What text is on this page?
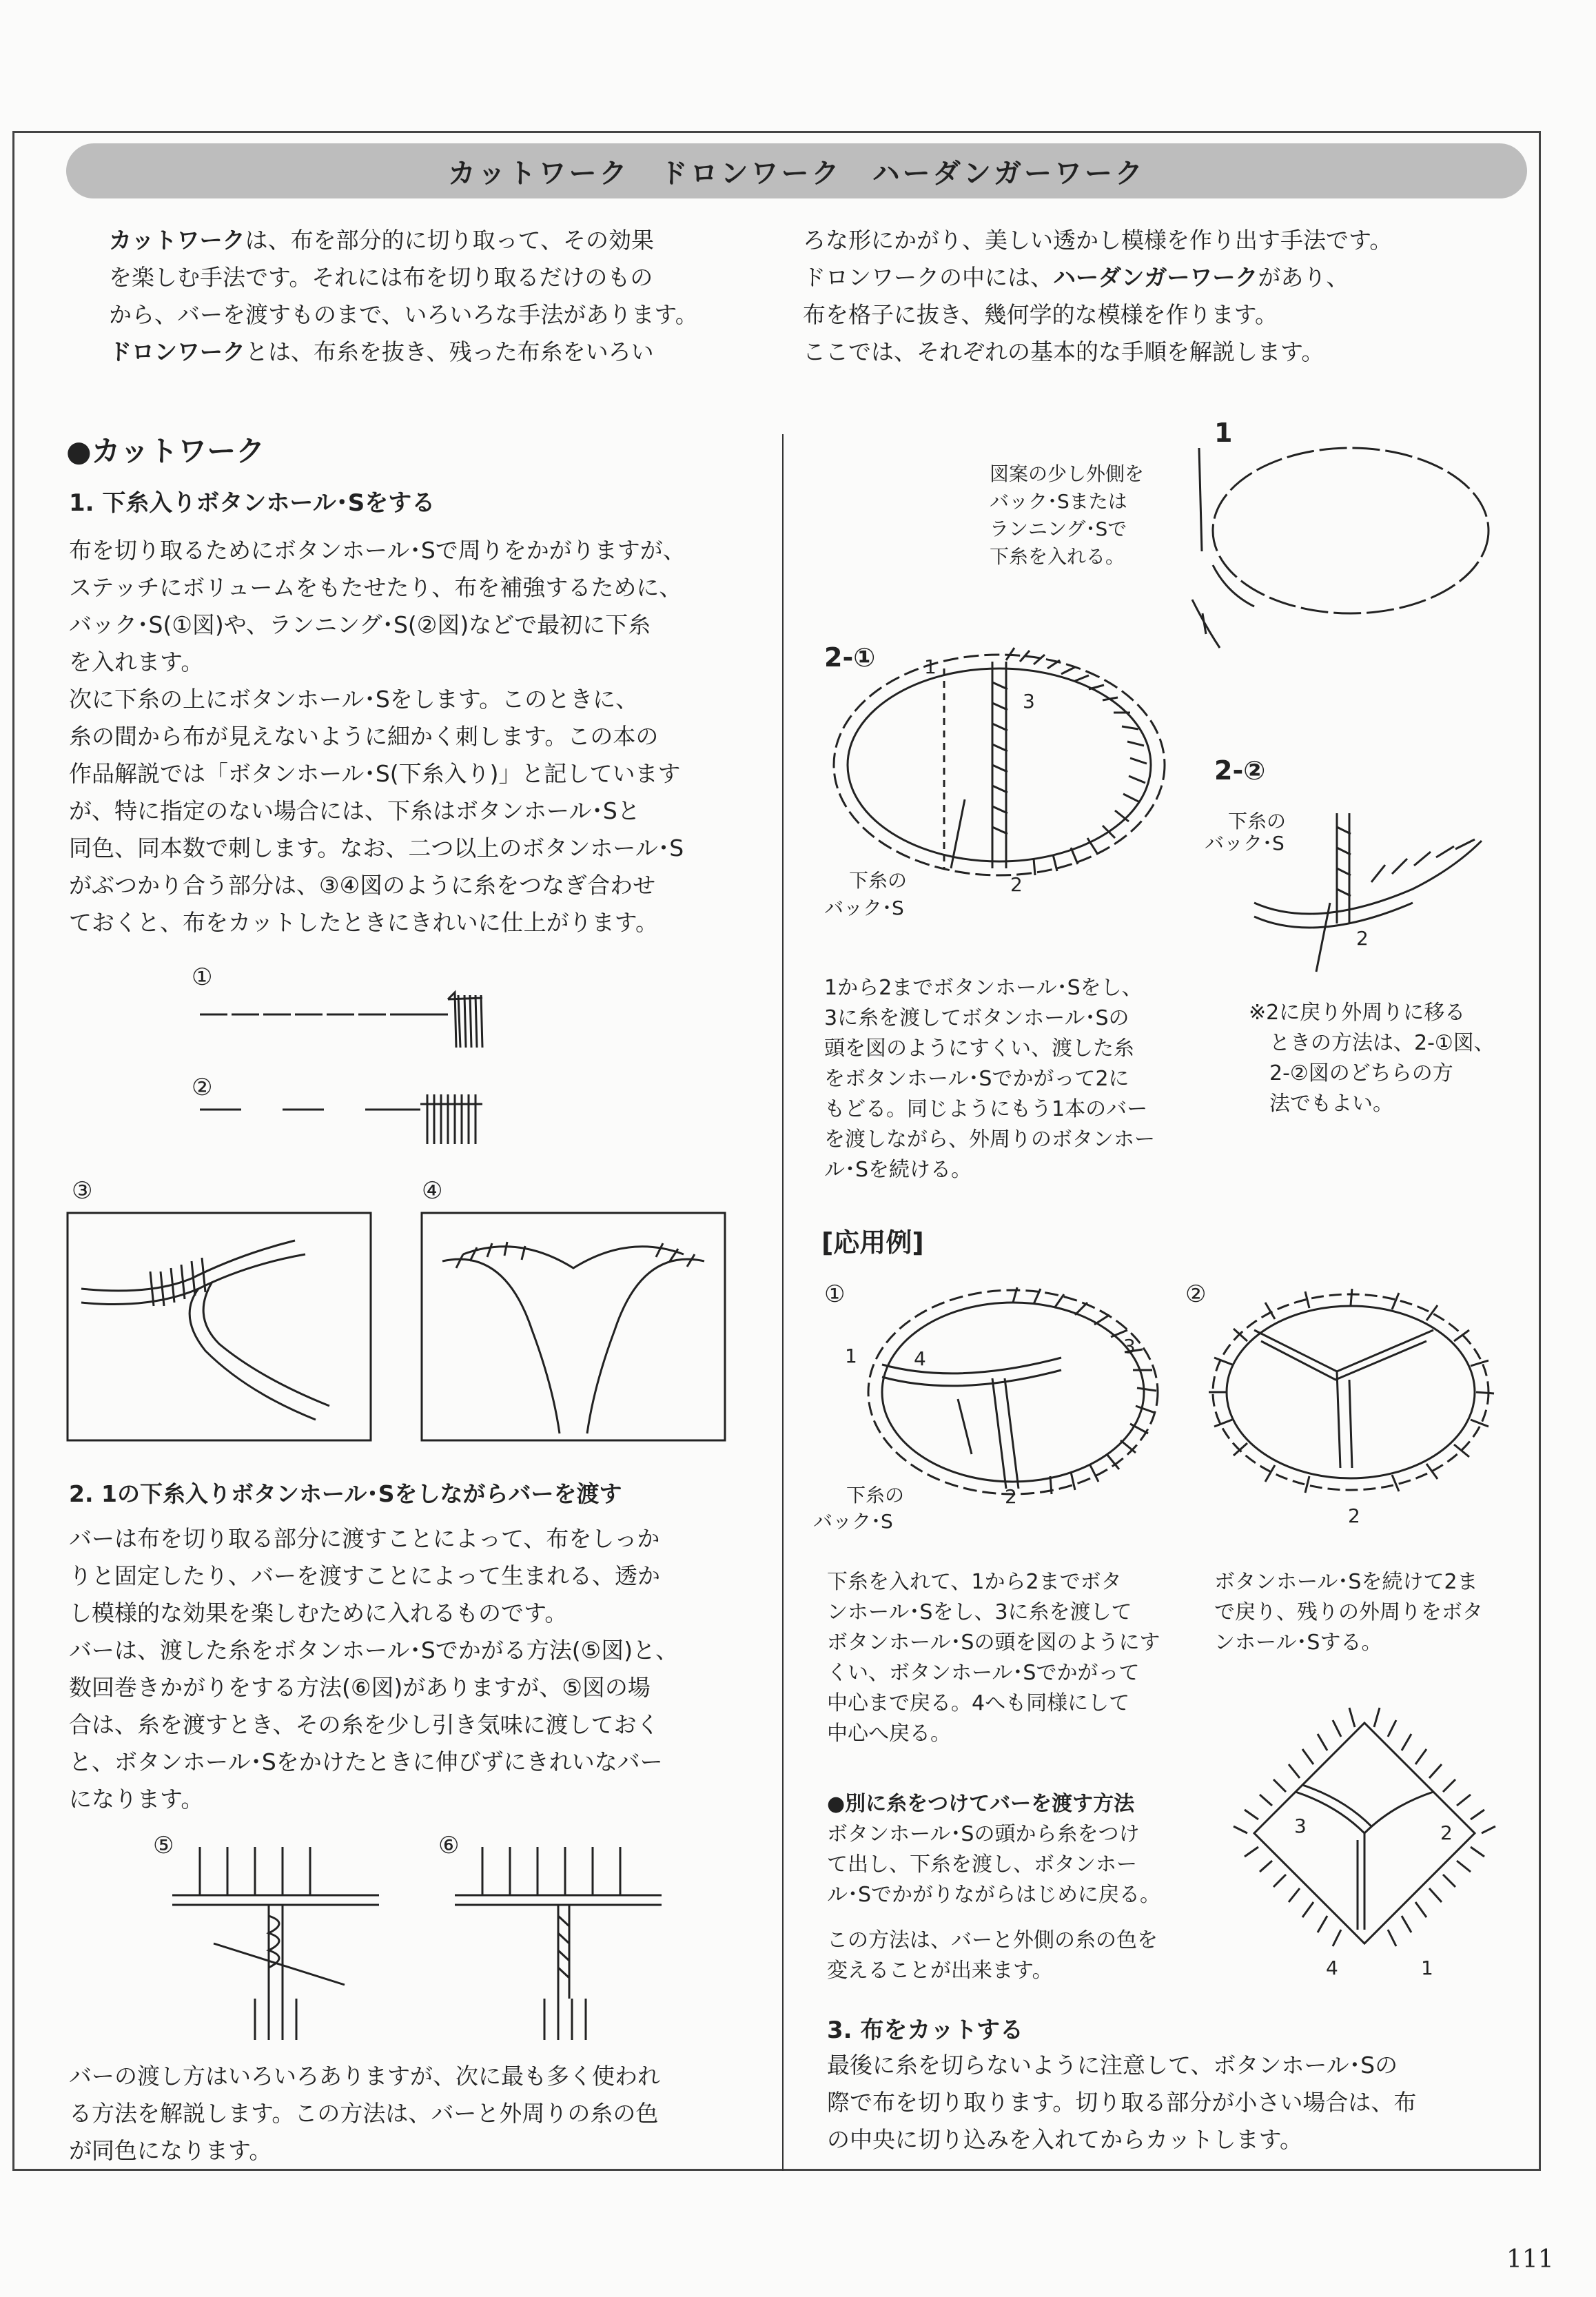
カットワーク　ドロンワーク　ハーダンガーワーク

カットワークは、布を部分的に切り取って、その効果

を楽しむ手法です。それには布を切り取るだけのもの

から、バーを渡すものまで、いろいろな手法があります。

ドロンワークとは、布糸を抜き、残った布糸をいろい

ろな形にかがり、美しい透かし模様を作り出す手法です。

ドロンワークの中には、ハーダンガーワークがあり、

布を格子に抜き、幾何学的な模様を作ります。

ここでは、それぞれの基本的な手順を解説します。

●カットワーク
1. 下糸入りボタンホール･Sをする

布を切り取るためにボタンホール･Sで周りをかがりますが、

ステッチにボリュームをもたせたり、布を補強するために、

バック･S(①図)や、ランニング･S(②図)などで最初に下糸

を入れます。

次に下糸の上にボタンホール･Sをします。このときに、

糸の間から布が見えないように細かく刺します。この本の

作品解説では「ボタンホール･S(下糸入り)」と記しています

が、特に指定のない場合には、下糸はボタンホール･Sと

同色、同本数で刺します。なお、二つ以上のボタンホール･S

がぶつかり合う部分は、③④図のように糸をつなぎ合わせ

ておくと、布をカットしたときにきれいに仕上がります。

①
②
③	④
2. 1の下糸入りボタンホール･Sをしながらバーを渡す

バーは布を切り取る部分に渡すことによって、布をしっか

りと固定したり、バーを渡すことによって生まれる、透か

し模様的な効果を楽しむために入れるものです。

バーは、渡した糸をボタンホール･Sでかがる方法(⑤図)と、

数回巻きかがりをする方法(⑥図)がありますが、⑤図の場

合は、糸を渡すとき、その糸を少し引き気味に渡しておく

と、ボタンホール･Sをかけたときに伸びずにきれいなバー

になります。

⑤	⑥

バーの渡し方はいろいろありますが、次に最も多く使われ

る方法を解説します。この方法は、バーと外周りの糸の色

が同色になります。

図案の少し外側を
バック･Sまたは
ランニング･Sで
下糸を入れる。
1
2-①	1
3
2
下糸の
バック･S
2-②
下糸の
バック･S
2
1から2までボタンホール･Sをし、
3に糸を渡してボタンホール･Sの
頭を図のようにすくい、渡した糸
をボタンホール･Sでかがって2に
もどる。同じようにもう1本のバー
を渡しながら、外周りのボタンホー
ル･Sを続ける。
※2に戻り外周りに移る
　ときの方法は、2-①図、
　2-②図のどちらの方
　法でもよい。
[応用例]
①
1	4
3
2
下糸の
バック･S
②
2
下糸を入れて、1から2までボタ
ンホール･Sをし、3に糸を渡して
ボタンホール･Sの頭を図のようにす
くい、ボタンホール･Sでかがって
中心まで戻る。4へも同様にして
中心へ戻る。
ボタンホール･Sを続けて2ま
で戻り、残りの外周りをボタ
ンホール･Sする。
●別に糸をつけてバーを渡す方法
ボタンホール･Sの頭から糸をつけ
て出し、下糸を渡し、ボタンホー
ル･Sでかがりながらはじめに戻る。
この方法は、バーと外側の糸の色を
変えることが出来ます。
3	2
4	1
3. 布をカットする

最後に糸を切らないように注意して、ボタンホール･Sの

際で布を切り取ります。切り取る部分が小さい場合は、布

の中央に切り込みを入れてからカットします。

111
